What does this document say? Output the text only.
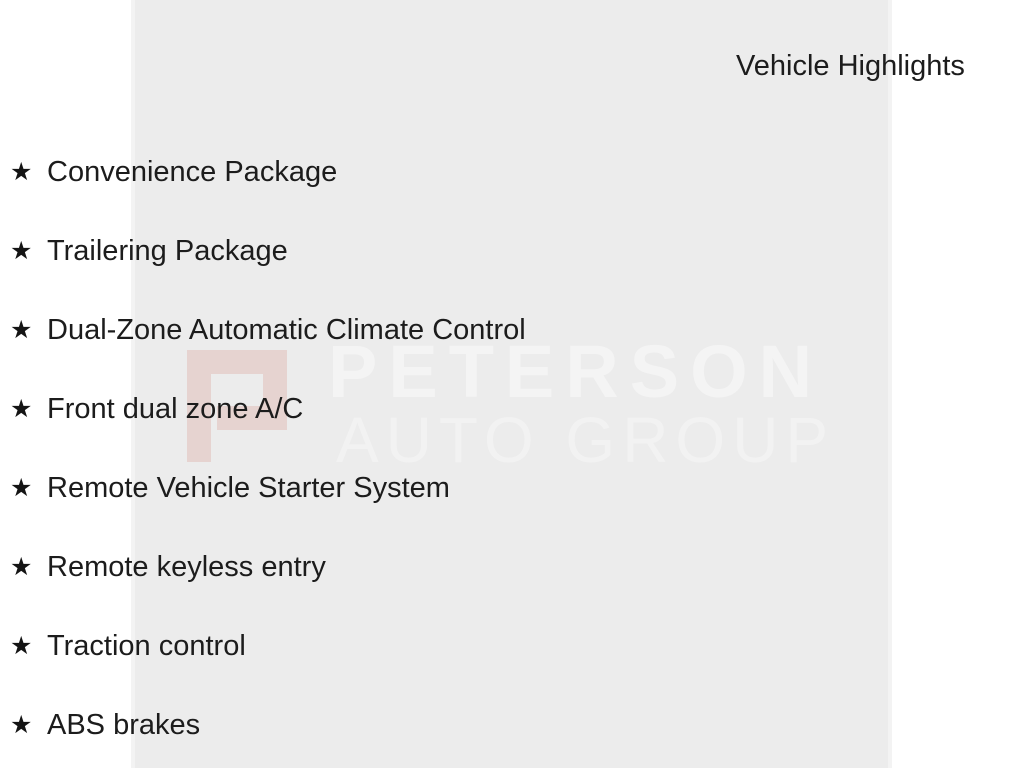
PETERSON
AUTO GROUP
Vehicle Highlights
★ Convenience Package
★ Trailering Package
★ Dual-Zone Automatic Climate Control
★ Front dual zone A/C
★ Remote Vehicle Starter System
★ Remote keyless entry
★ Traction control
★ ABS brakes
